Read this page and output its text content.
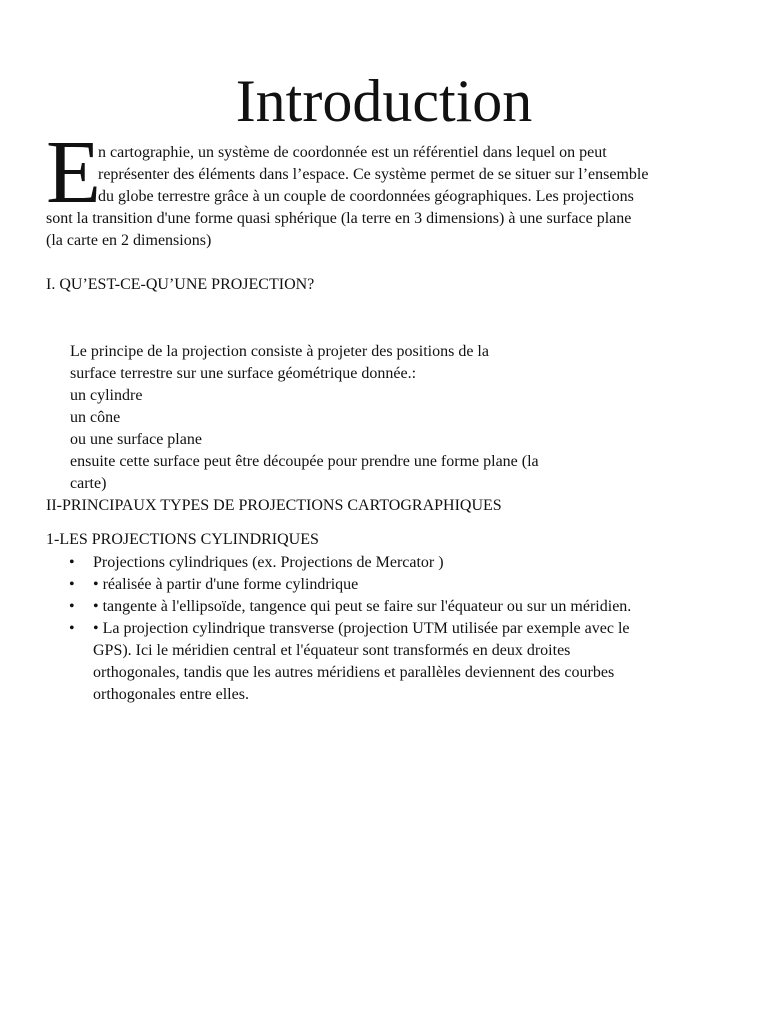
Introduction
E
n cartographie, un système de coordonnée est un référentiel dans lequel on peut
représenter des éléments dans l’espace. Ce système permet de se situer sur l’ensemble
du globe terrestre grâce à un couple de coordonnées géographiques. Les projections
sont la transition d'une forme quasi sphérique (la terre en 3 dimensions) à une surface plane
(la carte en 2 dimensions)
I. QU’EST-CE-QU’UNE PROJECTION?
Le principe de la projection consiste à projeter des positions de la
surface terrestre sur une surface géométrique donnée.:
un cylindre
un cône
ou une surface plane
ensuite cette surface peut être découpée pour prendre une forme plane (la
carte)
II-PRINCIPAUX TYPES DE PROJECTIONS CARTOGRAPHIQUES
1-LES PROJECTIONS CYLINDRIQUES
• Projections cylindriques (ex. Projections de Mercator )
• • réalisée à partir d'une forme cylindrique
• • tangente à l'ellipsoïde, tangence qui peut se faire sur l'équateur ou sur un méridien.
• • La projection cylindrique transverse (projection UTM utilisée par exemple avec le
GPS). Ici le méridien central et l'équateur sont transformés en deux droites
orthogonales, tandis que les autres méridiens et parallèles deviennent des courbes
orthogonales entre elles.
